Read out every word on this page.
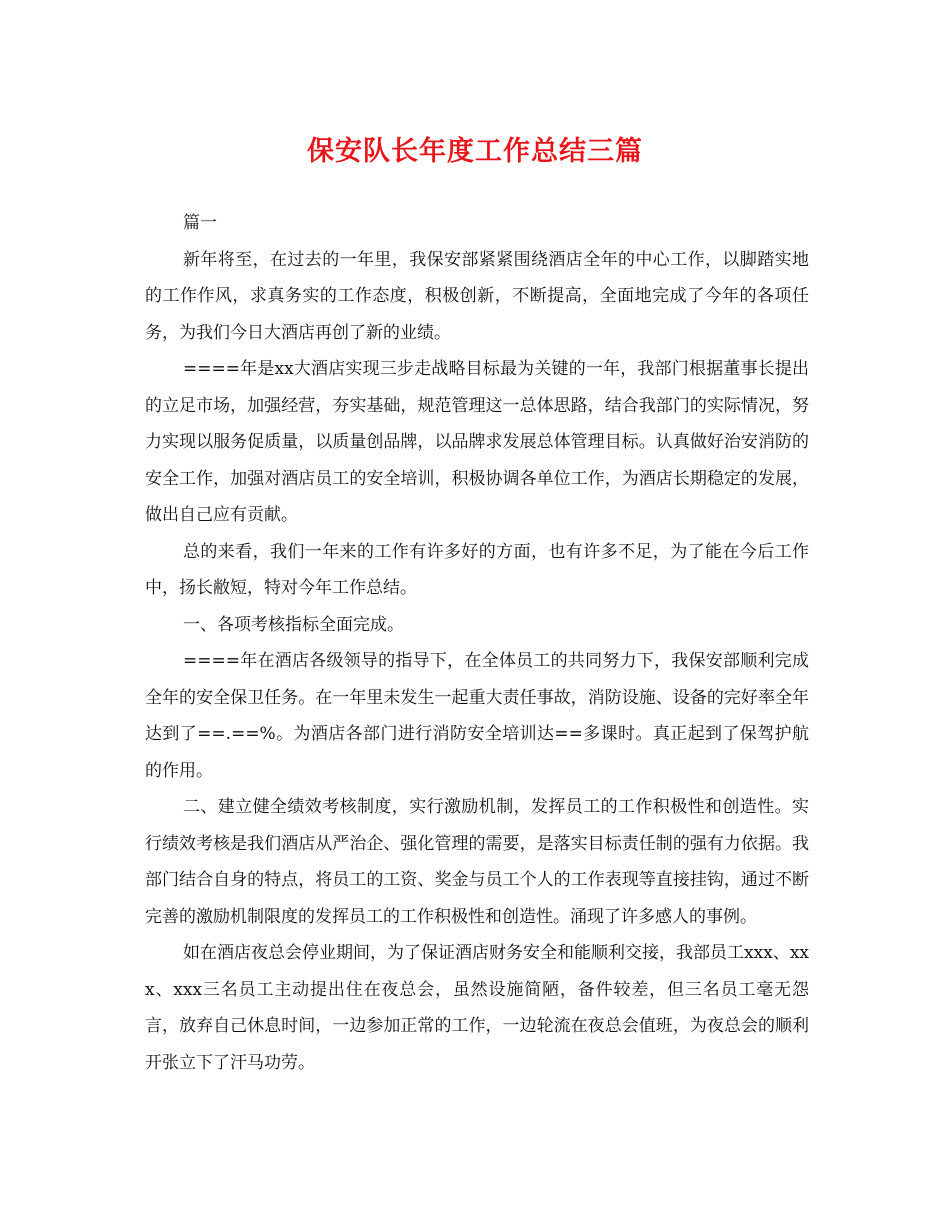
保安队长年度工作总结三篇

篇一

新年将至，在过去的一年里，我保安部紧紧围绕酒店全年的中心工作，以脚踏实地的工作作风，求真务实的工作态度，积极创新，不断提高，全面地完成了今年的各项任务，为我们今日大酒店再创了新的业绩。

====年是xx大酒店实现三步走战略目标最为关键的一年，我部门根据董事长提出的立足市场，加强经营，夯实基础，规范管理这一总体思路，结合我部门的实际情况，努力实现以服务促质量，以质量创品牌，以品牌求发展总体管理目标。认真做好治安消防的安全工作，加强对酒店员工的安全培训，积极协调各单位工作，为酒店长期稳定的发展，做出自己应有贡献。

总的来看，我们一年来的工作有许多好的方面，也有许多不足，为了能在今后工作中，扬长敝短，特对今年工作总结。

一、各项考核指标全面完成。

====年在酒店各级领导的指导下，在全体员工的共同努力下，我保安部顺利完成全年的安全保卫任务。在一年里未发生一起重大责任事故，消防设施、设备的完好率全年达到了==.==%。为酒店各部门进行消防安全培训达==多课时。真正起到了保驾护航的作用。

二、建立健全绩效考核制度，实行激励机制，发挥员工的工作积极性和创造性。实行绩效考核是我们酒店从严治企、强化管理的需要，是落实目标责任制的强有力依据。我部门结合自身的特点，将员工的工资、奖金与员工个人的工作表现等直接挂钩，通过不断完善的激励机制限度的发挥员工的工作积极性和创造性。涌现了许多感人的事例。

如在酒店夜总会停业期间，为了保证酒店财务安全和能顺利交接，我部员工xxx、xxx、xxx三名员工主动提出住在夜总会，虽然设施简陋，备件较差，但三名员工毫无怨言，放弃自己休息时间，一边参加正常的工作，一边轮流在夜总会值班，为夜总会的顺利开张立下了汗马功劳。
